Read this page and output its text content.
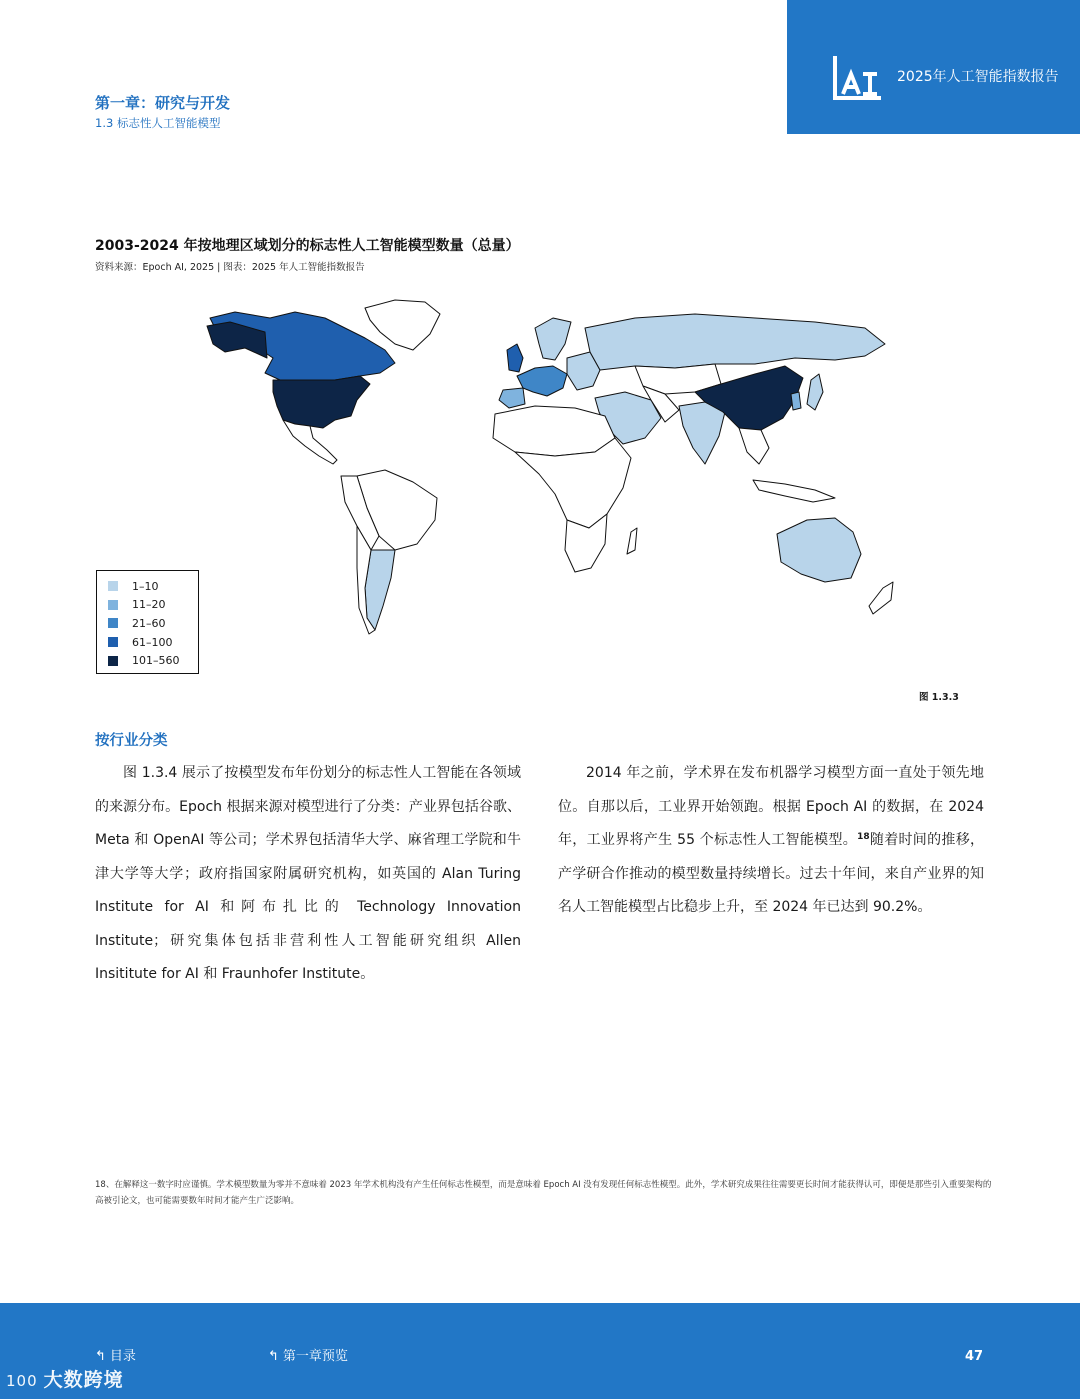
2025年人工智能指数报告
第一章：研究与开发
1.3 标志性人工智能模型
2003-2024 年按地理区域划分的标志性人工智能模型数量（总量）
资料来源：Epoch AI, 2025 | 图表：2025 年人工智能指数报告
1–10
11–20
21–60
61–100
101–560
图 1.3.3
按行业分类

图 1.3.4 展示了按模型发布年份划分的标志性人工智能在各领域的来源分布。Epoch 根据来源对模型进行了分类：产业界包括谷歌、Meta 和 OpenAI 等公司；学术界包括清华大学、麻省理工学院和牛津大学等大学；政府指国家附属研究机构，如英国的 Alan Turing Institute for AI 和阿布扎比的 Technology Innovation Institute；研究集体包括非营利性人工智能研究组织 Allen Insititute for AI 和 Fraunhofer Institute。

2014 年之前，学术界在发布机器学习模型方面一直处于领先地位。自那以后，工业界开始领跑。根据 Epoch AI 的数据，在 2024 年，工业界将产生 55 个标志性人工智能模型。$^{18}$随着时间的推移，产学研合作推动的模型数量持续增长。过去十年间，来自产业界的知名人工智能模型占比稳步上升，至 2024 年已达到 90.2%。

18、在解释这一数字时应谨慎。学术模型数量为零并不意味着 2023 年学术机构没有产生任何标志性模型，而是意味着 Epoch AI 没有发现任何标志性模型。此外，学术研究成果往往需要更长时间才能获得认可，即便是那些引入重要架构的高被引论文，也可能需要数年时间才能产生广泛影响。
↰ 目录	↰ 第一章预览	47
100 大数跨境
